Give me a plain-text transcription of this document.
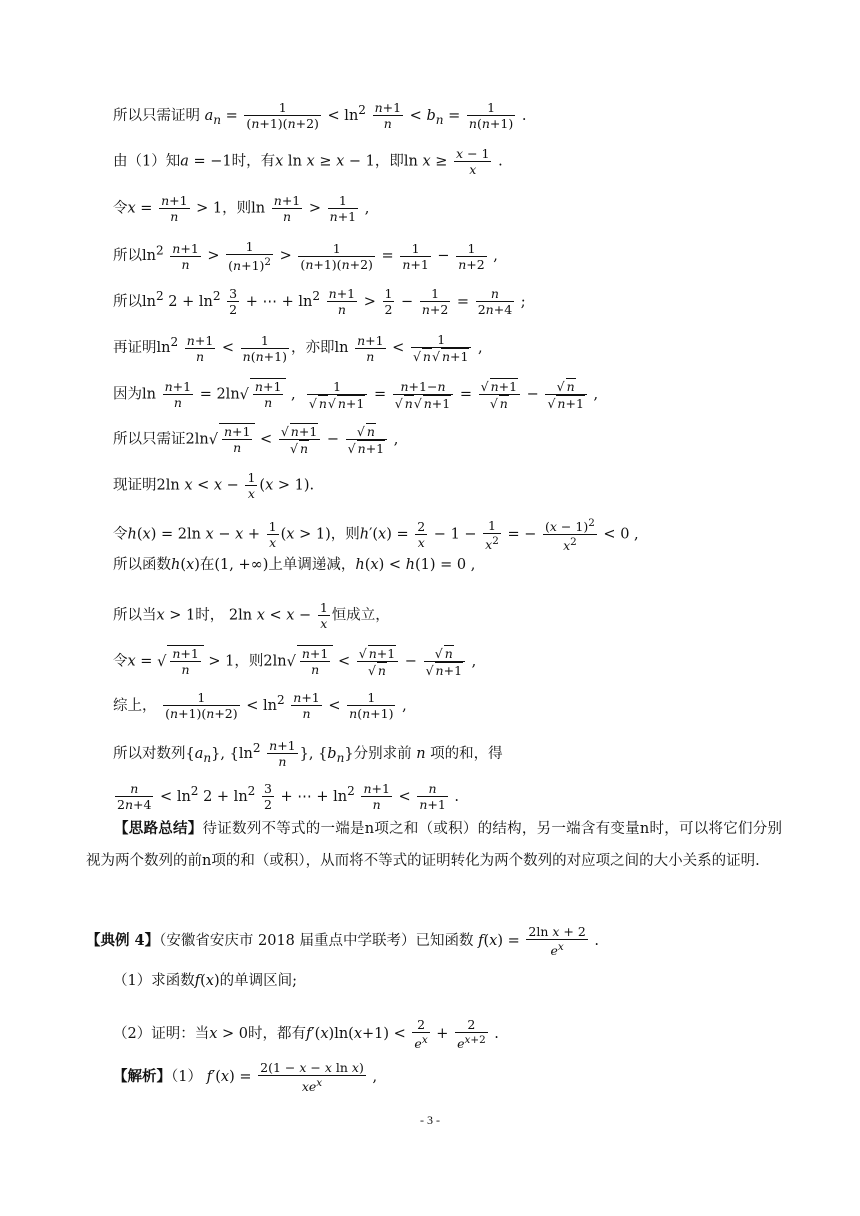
所以只需证明 $a_n = \frac{1}{(n+1)(n+2)} < \ln^2 \frac{n+1}{n} < b_n = \frac{1}{n(n+1)}$ .
由（1）知a = −1时，有x ln x ≥ x − 1，即$\ln x \ge \frac{x - 1}{x}$ .
令$x = \frac{n+1}{n} > 1$，则$\ln \frac{n+1}{n} > \frac{1}{n+1}$ ,
所以$\ln^2 \frac{n+1}{n} > \frac{1}{(n+1)^2} > \frac{1}{(n+1)(n+2)} = \frac{1}{n+1} - \frac{1}{n+2}$ ,
所以$\ln^2 2 + \ln^2 \frac{3}{2}$ + ⋯ + $\ln^2 \frac{n+1}{n} > \frac{1}{2} - \frac{1}{n+2} = \frac{n}{2n+4}$ ;
再证明$\ln^2 \frac{n+1}{n} < \frac{1}{n(n+1)}$ ，亦即$\ln \frac{n+1}{n} < 1$
√ n√ n+1 ,
因为$\ln \frac{n+1}{n} = 2\ln√ \frac{n+1}{n}$ , 1
√ n√ n+1 = n+1−n
√ n√ n+1 =
√ n+1
√ n −
√ n
√ n+1 ,
所以只需证$2\ln√ \frac{n+1}{n}$ <
√ n+1
√ n −
√ n
√ n+1 ,
现证明2ln $x < x - \frac{1}{x} (x > 1)$.
令h(x) = 2ln $x - x + \frac{1}{x} (x > 1)$，则$h'(x) = \frac{2}{x} - 1 - \frac{1}{x^2}$ = − $\frac{(x - 1)^2}{x^2} < 0$ ,
所以函数h(x)在(1, +∞)上单调递减，h(x) < h(1) = 0 ,
所以当x > 1时， 2ln $x < x - \frac{1}{x}$ 恒成立，
令x = √ $\frac{n+1}{n} > 1$，则$2\ln√ \frac{n+1}{n}$ <
√ n+1
√ n −
√ n
√ n+1 ,
综上， $\frac{1}{(n+1)(n+2)} < \ln^2 \frac{n+1}{n} < \frac{1}{n(n+1)}$ ,
所以对数列$\{a_n\}$, {$\ln^2 \frac{n+1}{n}$ }, $\{b_n\}$分别求前 n 项的和，得
$\frac{n}{2n+4} < \ln^2 2 + \ln^2 \frac{3}{2}$ + ⋯ + $\ln^2 \frac{n+1}{n} < \frac{n}{n+1}$ .
【思路总结】待证数列不等式的一端是n项之和（或积）的结构，另一端含有变量n时，可以将它们分别视为两个数列的前n项的和（或积），从而将不等式的证明转化为两个数列的对应项之间的大小关系的证明.
【典例 4】（安徽省安庆市 2018 届重点中学联考）已知函数 $f(x) = \frac{\text{2ln x + 2}}{e^x}$ .
（1）求函数f(x)的单调区间;
（2）证明：当x > 0时，都有$f'(x)\ln(x+1) < \frac{2}{e^x} + \frac{2}{e^{x+2}}$ .
【解析】（1） $f'(x) = \frac{\text{2(1 − x − x ln x)}}{xe^x}$ ,
- 3 -
